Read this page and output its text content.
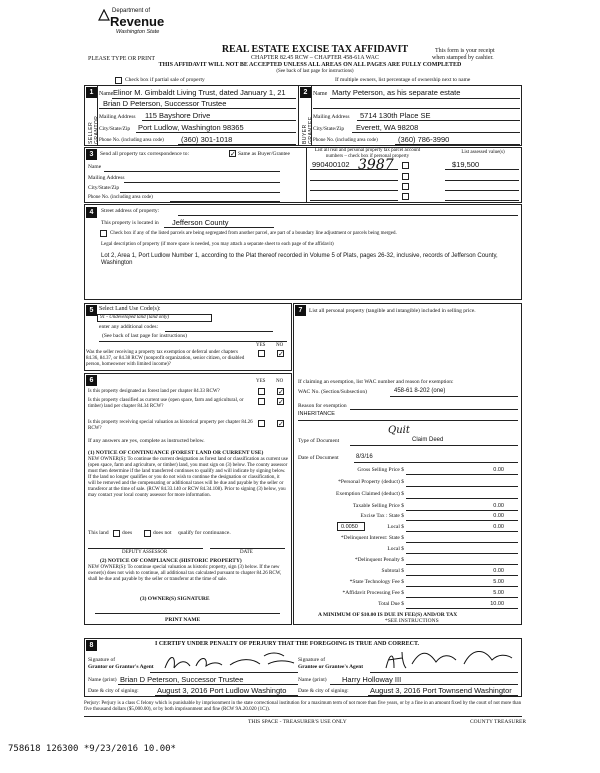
Department of
Revenue
Washington State
REAL ESTATE EXCISE TAX AFFIDAVIT
CHAPTER 82.45 RCW – CHAPTER 458-61A WAC
THIS AFFIDAVIT WILL NOT BE ACCEPTED UNLESS ALL AREAS ON ALL PAGES ARE FULLY COMPLETED
(See back of last page for instructions)
PLEASE TYPE OR PRINT
This form is your receipt
when stamped by cashier.
Check box if partial sale of property	If multiple owners, list percentage of ownership next to name
1
SELLER GRANTOR
Name Elinor M. Gimbaldt Living Trust, dated January 1, 21
Brian D Peterson, Successor Trustee
Mailing Address 115 Bayshore Drive
City/State/Zip Port Ludlow, Washington 98365
Phone No. (including area code) (360) 301-1018
2
BUYER GRANTEE
Name Marty Peterson, as his separate estate
Mailing Address 5714 130th Place SE
City/State/Zip Everett, WA 98208
Phone No. (including area code)	(360) 786-3990
3	Send all property tax correspondence to:	✓ Same as Buyer/Grantee
Name
Mailing Address
City/State/Zip
Phone No. (including area code)
List all real and personal property tax parcel account numbers – check box if personal property
List assessed value(s)
990400102 3987	$19,500
4	Street address of property:
This property is located in Jefferson County
Check box if any of the listed parcels are being segregated from another parcel, are part of a boundary line adjustment or parcels being merged.
Legal description of property (if more space is needed, you may attach a separate sheet to each page of the affidavit)
Lot 2, Area 1, Port Ludlow Number 1, according to the Plat thereof recorded in Volume 5 of Plats, pages 26-32, inclusive, records of Jefferson County, Washington
5 Select Land Use Code(s):
91 - Undeveloped land (land only)
enter any additional codes:
(See back of last page for instructions)
YES NO
Was the seller receiving a property tax exemption or deferral under chapters 84.36, 84.37, or 84.38 RCW (nonprofit organization, senior citizen, or disabled person, homeowner with limited income)?
✓
6	YES NO
Is this property designated as forest land per chapter 84.33 RCW?	✓
Is this property classified as current use (open space, farm and agricultural, or timber) land per chapter 84.34 RCW?
✓
Is this property receiving special valuation as historical property per chapter 84.26 RCW?
✓
If any answers are yes, complete as instructed below.
(1) NOTICE OF CONTINUANCE (FOREST LAND OR CURRENT USE)
NEW OWNER(S): To continue the current designation as forest land or classification as current use (open space, farm and agriculture, or timber) land, you must sign on (3) below. The county assessor must then determine if the land transferred continues to qualify and will indicate by signing below. If the land no longer qualifies or you do not wish to continue the designation or classification, it will be removed and the compensating or additional taxes will be due and payable by the seller or transferor at the time of sale. (RCW 84.33.140 or RCW 84.34.108). Prior to signing (3) below, you may contact your local county assessor for more information.
This land does	does not qualify for continuance.
DEPUTY ASSESSOR	DATE
(2) NOTICE OF COMPLIANCE (HISTORIC PROPERTY)
NEW OWNER(S): To continue special valuation as historic property, sign (3) below. If the new owner(s) does not wish to continue, all additional tax calculated pursuant to chapter 84.26 RCW, shall be due and payable by the seller or transferor at the time of sale.
(3) OWNER(S) SIGNATURE
PRINT NAME
7	List all personal property (tangible and intangible) included in selling price.
If claiming an exemption, list WAC number and reason for exemption:
WAC No. (Section/Subsection)	458-61 8-202 (one)
Reason for exemption
INHERITANCE
Type of Document
Quit
Claim Deed
Date of Document	8/3/16
Gross Selling Price $	0.00
*Personal Property (deduct) $
Exemption Claimed (deduct) $
Taxable Selling Price $	0.00
Excise Tax : State $	0.00
0.0050	Local $	0.00
*Delinquent Interest: State $
Local $
*Delinquent Penalty $
Subtotal $	0.00
*State Technology Fee $	5.00
*Affidavit Processing Fee $	5.00
Total Due $	10.00
A MINIMUM OF $10.00 IS DUE IN FEE(S) AND/OR TAX
*SEE INSTRUCTIONS
8	I CERTIFY UNDER PENALTY OF PERJURY THAT THE FOREGOING IS TRUE AND CORRECT.
Signature of
Grantor or Grantor's Agent
Signature of
Grantee or Grantee's Agent
Name (print) Brian D Peterson, Successor Trustee	Name (print) Harry Holloway III
Date & city of signing: August 3, 2016 Port Ludlow Washingto	Date & city of signing:	August 3, 2016 Port Townsend Washingtor
Perjury: Perjury is a class C felony which is punishable by imprisonment in the state correctional institution for a maximum term of not more than five years, or by a fine in an amount fixed by the court of not more than five thousand dollars ($5,000.00), or by both imprisonment and fine (RCW 9A.20.020 (1C)).
THIS SPACE - TREASURER'S USE ONLY	COUNTY TREASURER
758618 126300 *9/23/2016 10.00*
